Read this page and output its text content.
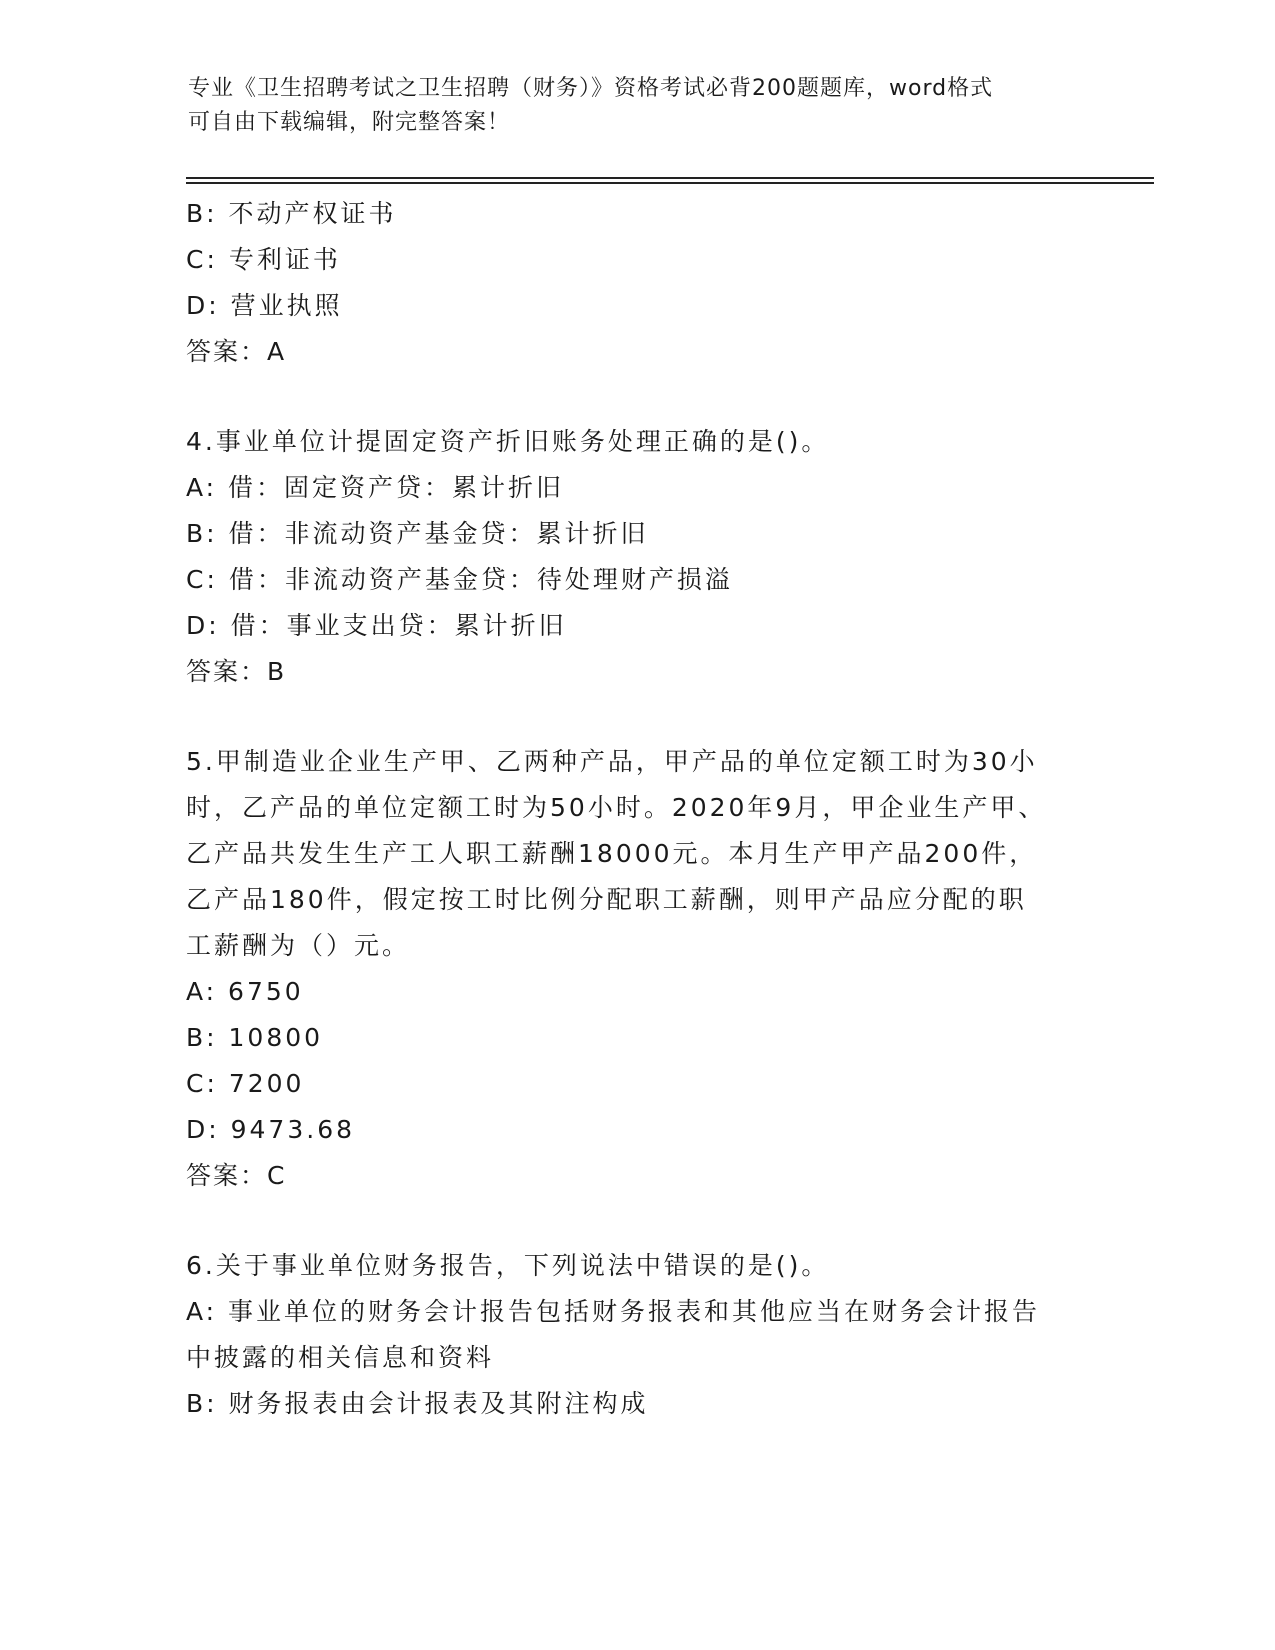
专业《卫生招聘考试之卫生招聘（财务）》资格考试必背200题题库，word格式

可自由下载编辑，附完整答案！

B: 不动产权证书
C: 专利证书
D: 营业执照
答案：A
4.事业单位计提固定资产折旧账务处理正确的是()。
A: 借：固定资产贷：累计折旧
B: 借：非流动资产基金贷：累计折旧
C: 借：非流动资产基金贷：待处理财产损溢
D: 借：事业支出贷：累计折旧
答案：B
5.甲制造业企业生产甲、乙两种产品，甲产品的单位定额工时为30小
时，乙产品的单位定额工时为50小时。2020年9月，甲企业生产甲、
乙产品共发生生产工人职工薪酬18000元。本月生产甲产品200件，
乙产品180件，假定按工时比例分配职工薪酬，则甲产品应分配的职
工薪酬为（）元。
A: 6750
B: 10800
C: 7200
D: 9473.68
答案：C
6.关于事业单位财务报告，下列说法中错误的是()。
A: 事业单位的财务会计报告包括财务报表和其他应当在财务会计报告
中披露的相关信息和资料
B: 财务报表由会计报表及其附注构成
